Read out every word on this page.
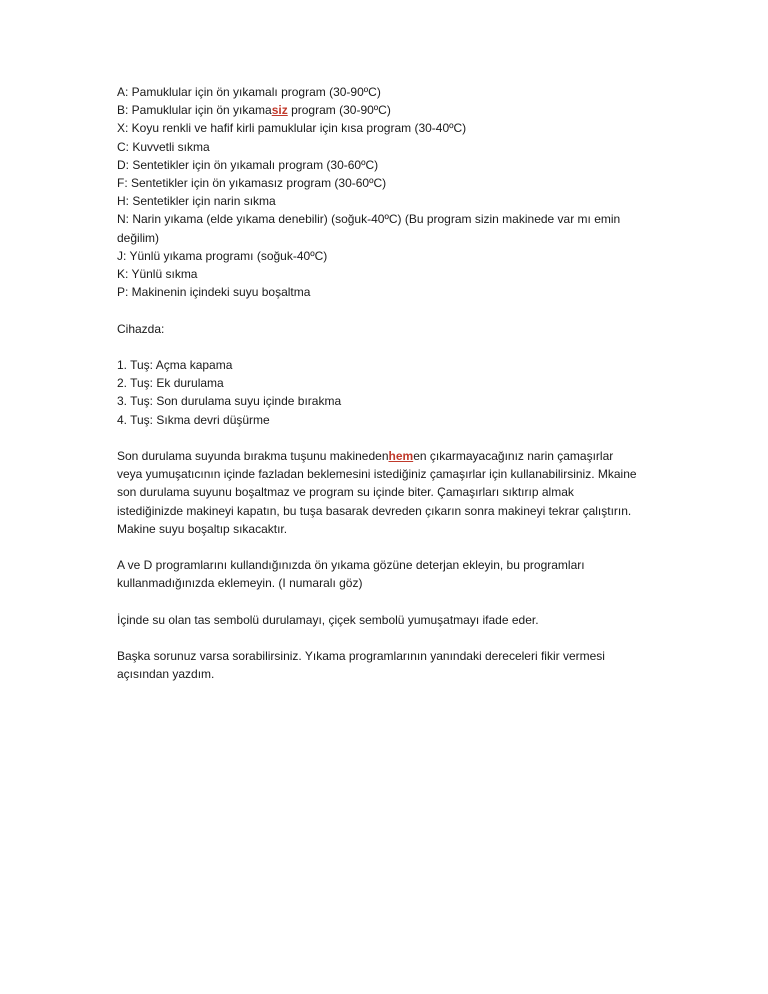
A: Pamuklular için ön yıkamalı program (30-90ºC)
B: Pamuklular için ön yıkamasiz program (30-90ºC)
X: Koyu renkli ve hafif kirli pamuklular için kısa program (30-40ºC)
C: Kuvvetli sıkma
D: Sentetikler için ön yıkamalı program (30-60ºC)
F: Sentetikler için ön yıkamasız program (30-60ºC)
H: Sentetikler için narin sıkma
N: Narin yıkama (elde yıkama denebilir) (soğuk-40ºC) (Bu program sizin makinede var mı emin
değilim)
J: Yünlü yıkama programı (soğuk-40ºC)
K: Yünlü sıkma
P: Makinenin içindeki suyu boşaltma
Cihazda:
1. Tuş: Açma kapama
2. Tuş: Ek durulama
3. Tuş: Son durulama suyu içinde bırakma
4. Tuş: Sıkma devri düşürme

Son durulama suyunda bırakma tuşunu makinedenhemen çıkarmayacağınız narin çamaşırlar veya yumuşatıcının içinde fazladan beklemesini istediğiniz çamaşırlar için kullanabilirsiniz. Mkaine son durulama suyunu boşaltmaz ve program su içinde biter. Çamaşırları sıktırıp almak istediğinizde makineyi kapatın, bu tuşa basarak devreden çıkarın sonra makineyi tekrar çalıştırın. Makine suyu boşaltıp sıkacaktır.

A ve D programlarını kullandığınızda ön yıkama gözüne deterjan ekleyin, bu programları kullanmadığınızda eklemeyin. (I numaralı göz)

İçinde su olan tas sembolü durulamayı, çiçek sembolü yumuşatmayı ifade eder.

Başka sorunuz varsa sorabilirsiniz. Yıkama programlarının yanındaki dereceleri fikir vermesi açısından yazdım.
